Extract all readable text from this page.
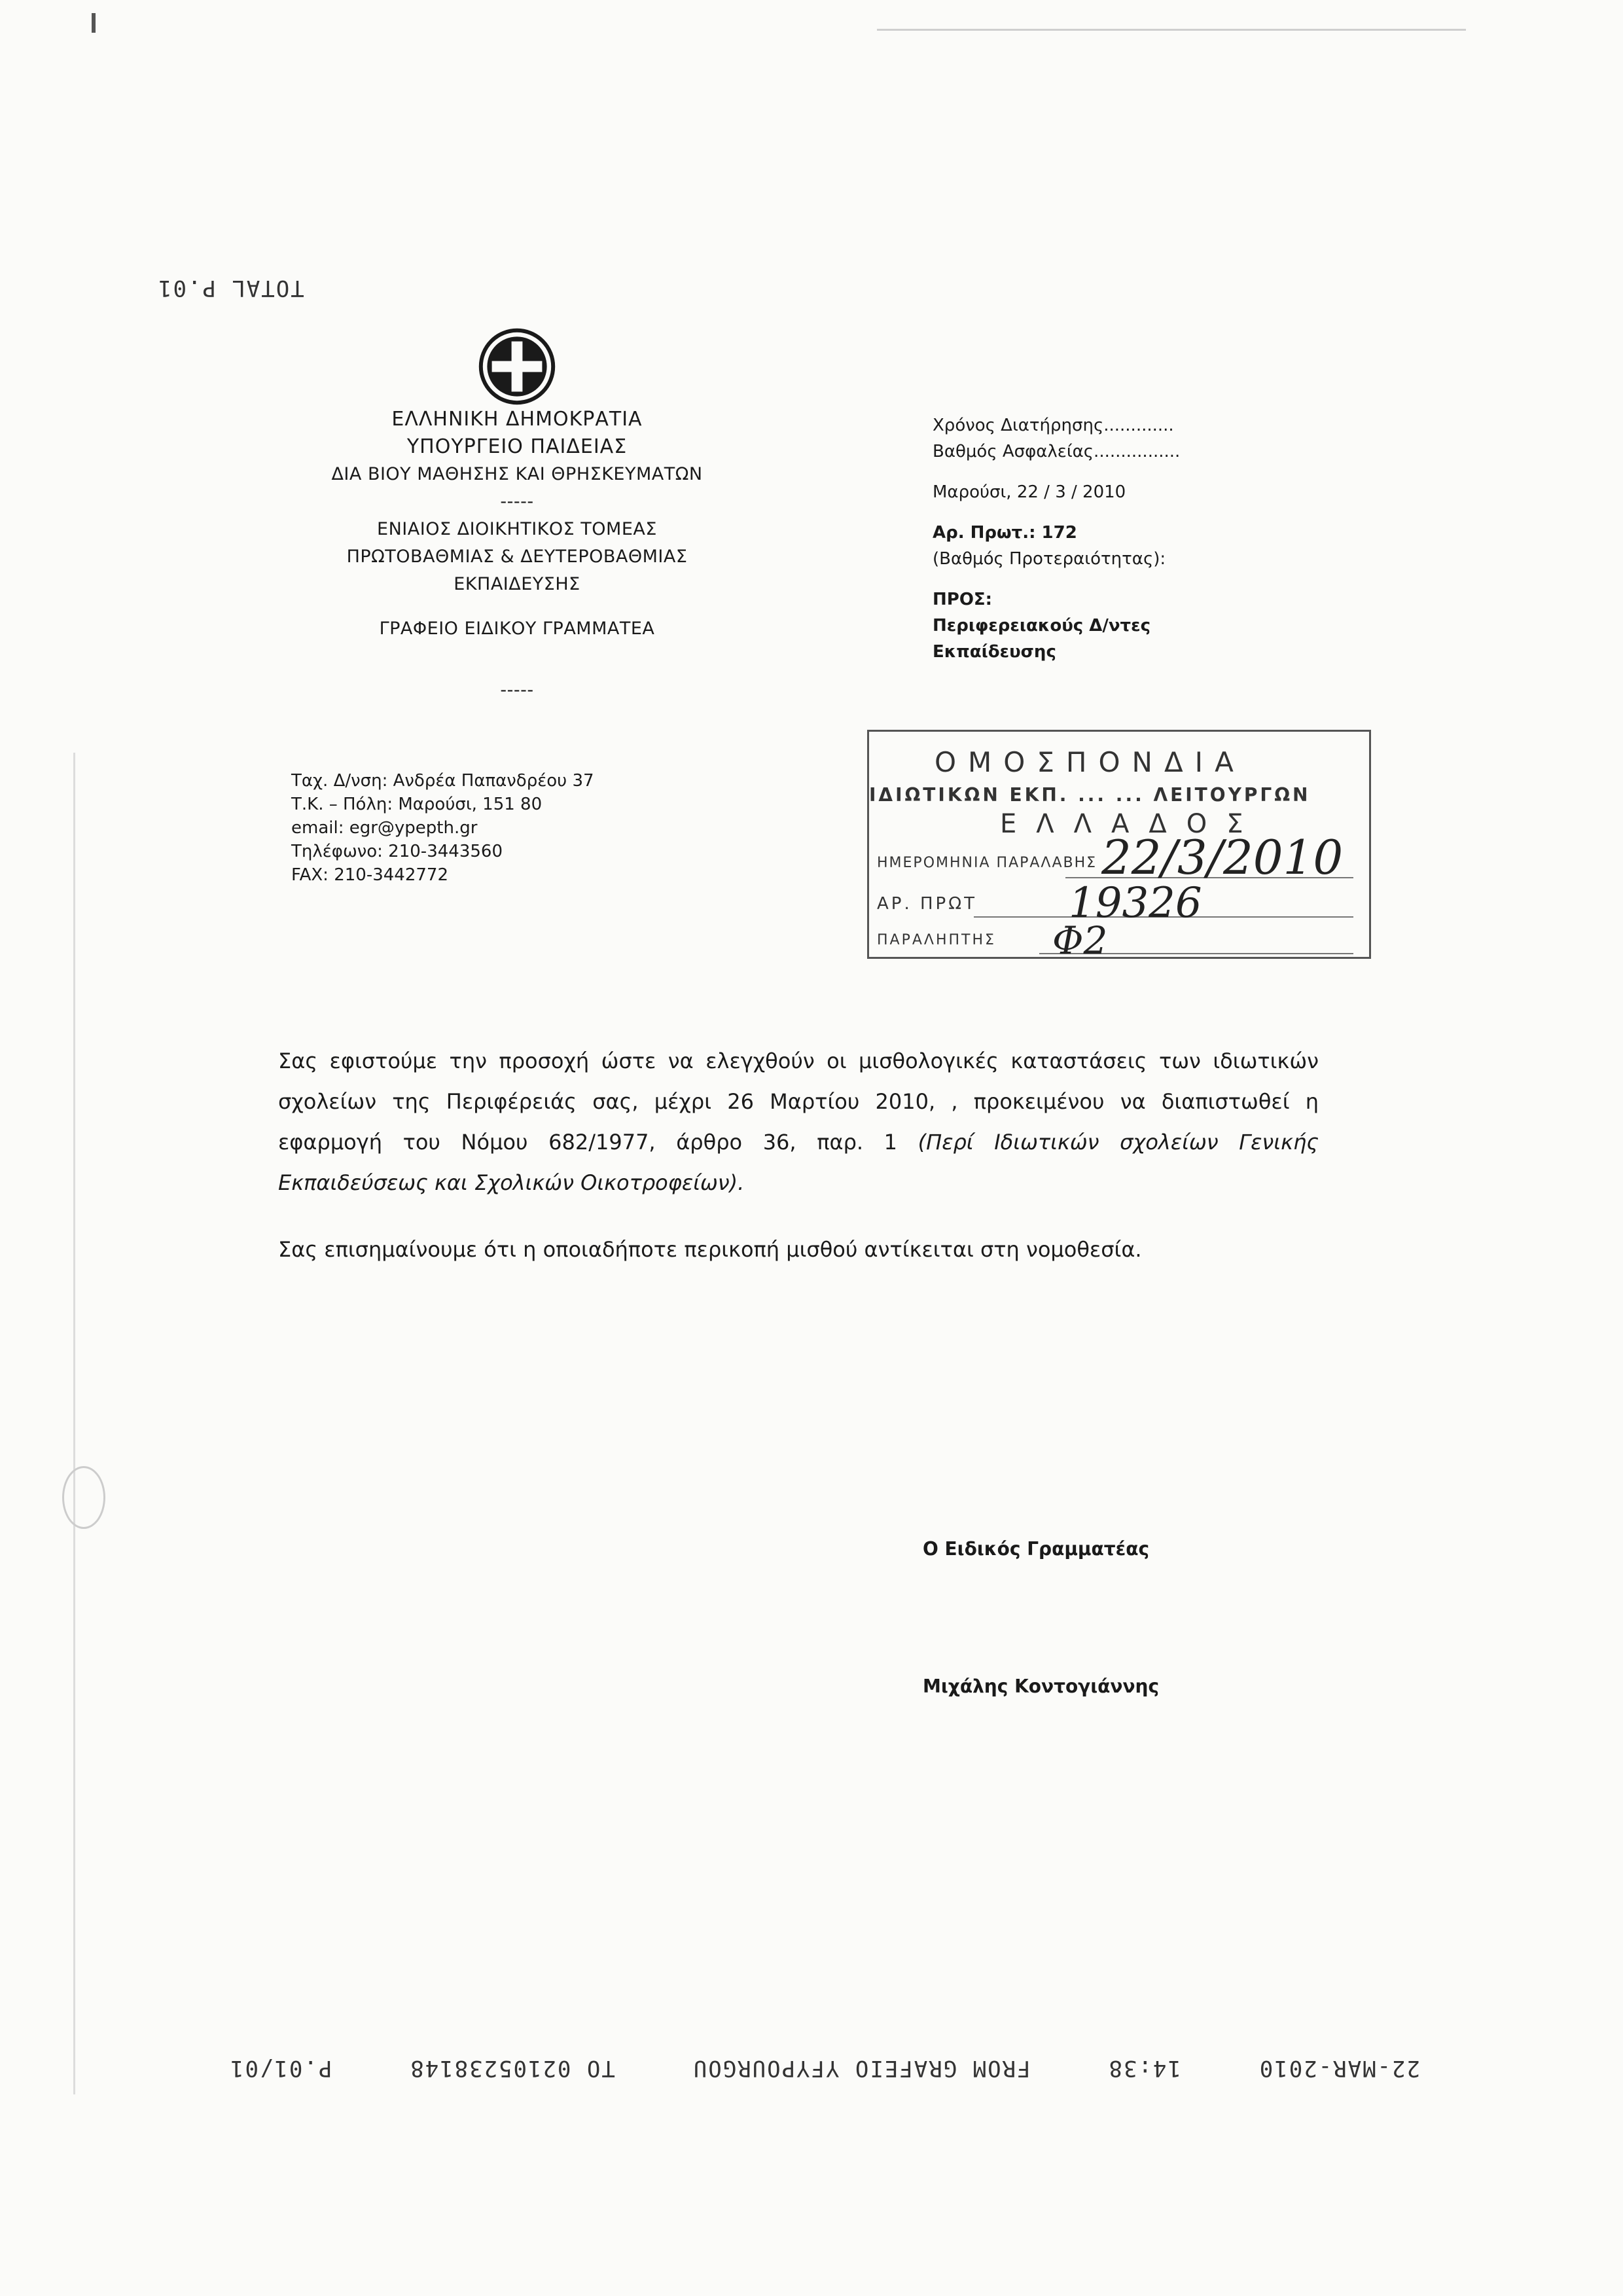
TOTAL P.01
ΕΛΛΗΝΙΚΗ ΔΗΜΟΚΡΑΤΙΑ
ΥΠΟΥΡΓΕΙΟ ΠΑΙΔΕΙΑΣ
ΔΙΑ ΒΙΟΥ ΜΑΘΗΣΗΣ ΚΑΙ ΘΡΗΣΚΕΥΜΑΤΩΝ
-----
ΕΝΙΑΙΟΣ ΔΙΟΙΚΗΤΙΚΟΣ ΤΟΜΕΑΣ
ΠΡΩΤΟΒΑΘΜΙΑΣ & ΔΕΥΤΕΡΟΒΑΘΜΙΑΣ
ΕΚΠΑΙΔΕΥΣΗΣ
ΓΡΑΦΕΙΟ ΕΙΔΙΚΟΥ ΓΡΑΜΜΑΤΕΑ
-----
Ταχ. Δ/νση: Ανδρέα Παπανδρέου 37
Τ.Κ. – Πόλη: Μαρούσι, 151 80
email: egr@ypepth.gr
Τηλέφωνο: 210-3443560
FAX: 210-3442772
Χρόνος Διατήρησης.............
Βαθμός Ασφαλείας................
Μαρούσι, 22 / 3 / 2010
Αρ. Πρωτ.: 172
(Βαθμός Προτεραιότητας):
ΠΡΟΣ:
Περιφερειακούς Δ/ντες
Εκπαίδευσης
ΟΜΟΣΠΟΝΔΙΑ
ΙΔΙΩΤΙΚΩΝ ΕΚΠ. ... ... ΛΕΙΤΟΥΡΓΩΝ
ΕΛΛΑΔΟΣ
ΗΜΕΡΟΜΗΝΙΑ ΠΑΡΑΛΑΒΗΣ
ΑΡ. ΠΡΩΤ
ΠΑΡΑΛΗΠΤΗΣ
22/3/2010
19326
Φ2

Σας εφιστούμε την προσοχή ώστε να ελεγχθούν οι μισθολογικές καταστάσεις των ιδιωτικών σχολείων της Περιφέρειάς σας, μέχρι 26 Μαρτίου 2010, , προκειμένου να διαπιστωθεί η εφαρμογή του Νόμου 682/1977, άρθρο 36, παρ. 1 (Περί Ιδιωτικών σχολείων Γενικής Εκπαιδεύσεως και Σχολικών Οικοτροφείων).

Σας επισημαίνουμε ότι η οποιαδήποτε περικοπή μισθού αντίκειται στη νομοθεσία.

Ο Ειδικός Γραμματέας
Μιχάλης Κοντογιάννης
22-MAR-2010
14:38
FROM GRAFEIO YFYPOURGOU
TO 02105238148
P.01/01
